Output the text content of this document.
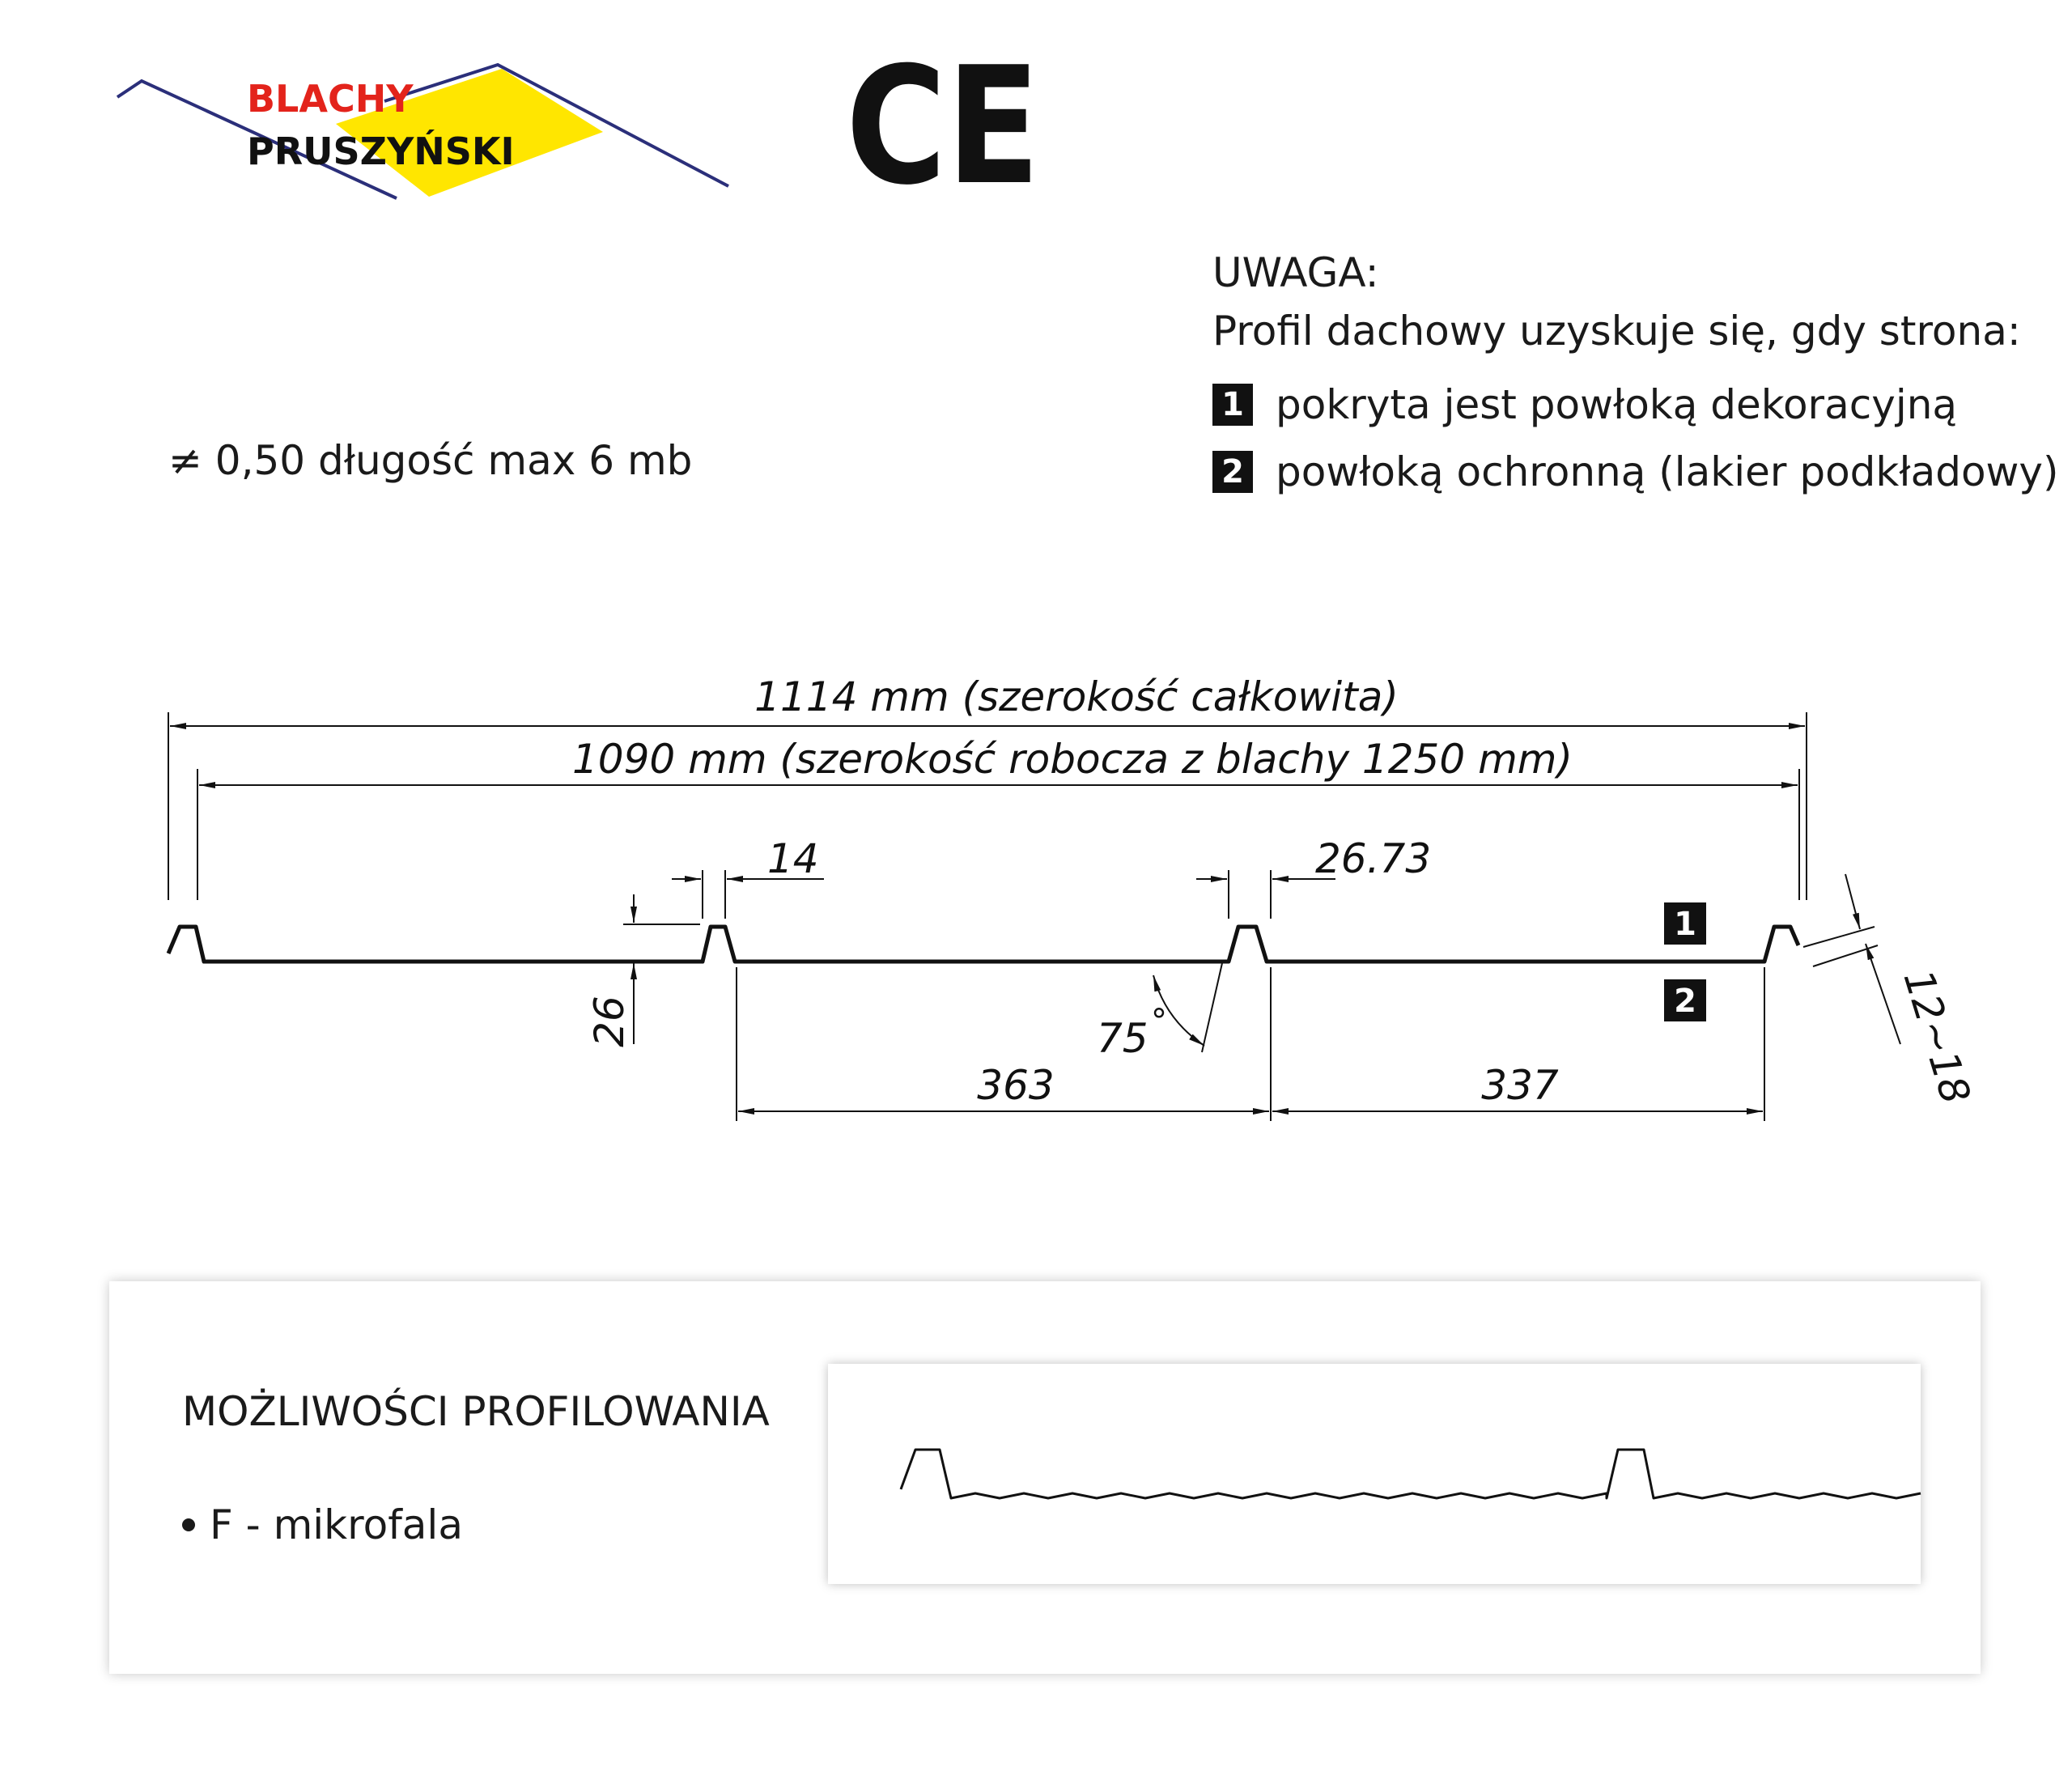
BLACHY
PRUSZYŃSKI CE
UWAGA:
Profil dachowy uzyskuje się, gdy strona:
1 pokryta jest powłoką dekoracyjną
2 powłoką ochronną (lakier podkładowy)
≠ 0,50 długość max 6 mb
1
2
1114 mm (szerokość całkowita)
1090 mm (szerokość robocza z blachy 1250 mm)
14	26.73
363	337
75 °
26	12~18
MOŻLIWOŚCI PROFILOWANIA
F - mikrofala
